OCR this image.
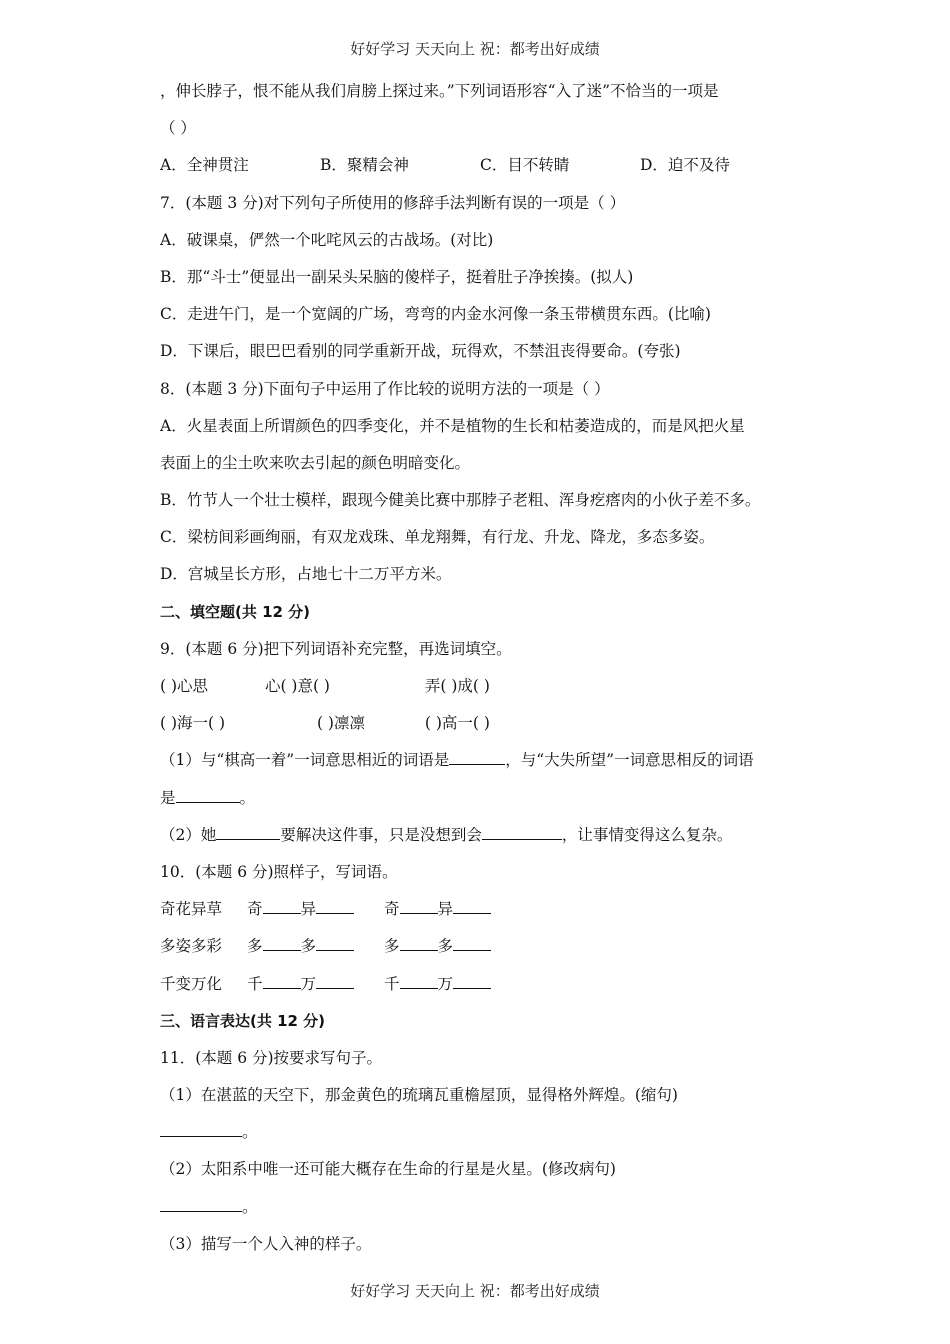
好好学习 天天向上 祝：都考出好成绩
，伸长脖子，恨不能从我们肩膀上探过来。”下列词语形容“入了迷”不恰当的一项是
（ ）
A．全神贯注	B．聚精会神	C．目不转睛	D．迫不及待
7．(本题 3 分)对下列句子所使用的修辞手法判断有误的一项是（ ）
A．破课桌，俨然一个叱咤风云的古战场。(对比)
B．那“斗士”便显出一副呆头呆脑的傻样子，挺着肚子净挨揍。(拟人)
C．走进午门，是一个宽阔的广场，弯弯的内金水河像一条玉带横贯东西。(比喻)
D．下课后，眼巴巴看别的同学重新开战，玩得欢，不禁沮丧得要命。(夸张)
8．(本题 3 分)下面句子中运用了作比较的说明方法的一项是（ ）
A．火星表面上所谓颜色的四季变化，并不是植物的生长和枯萎造成的，而是风把火星
表面上的尘土吹来吹去引起的颜色明暗变化。
B．竹节人一个壮士模样，跟现今健美比赛中那脖子老粗、浑身疙瘩肉的小伙子差不多。
C．梁枋间彩画绚丽，有双龙戏珠、单龙翔舞，有行龙、升龙、降龙，多态多姿。
D．宫城呈长方形，占地七十二万平方米。
二、填空题(共 12 分)
9．(本题 6 分)把下列词语补充完整，再选词填空。
( )心思	心( )意( )	弄( )成( )
( )海一( )	( )凛凛	( )高一( )
（1）与“棋高一着”一词意思相近的词语是	，与“大失所望”一词意思相反的词语
是	。
（2）她	要解决这件事，只是没想到会	，让事情变得这么复杂。
10．(本题 6 分)照样子，写词语。
奇花异草 奇 异	奇 异
多姿多彩 多 多	多 多
千变万化 千 万	千 万
三、语言表达(共 12 分)
11．(本题 6 分)按要求写句子。
（1）在湛蓝的天空下，那金黄色的琉璃瓦重檐屋顶，显得格外辉煌。(缩句)
。
（2）太阳系中唯一还可能大概存在生命的行星是火星。(修改病句)
。
（3）描写一个人入神的样子。
好好学习 天天向上 祝：都考出好成绩
